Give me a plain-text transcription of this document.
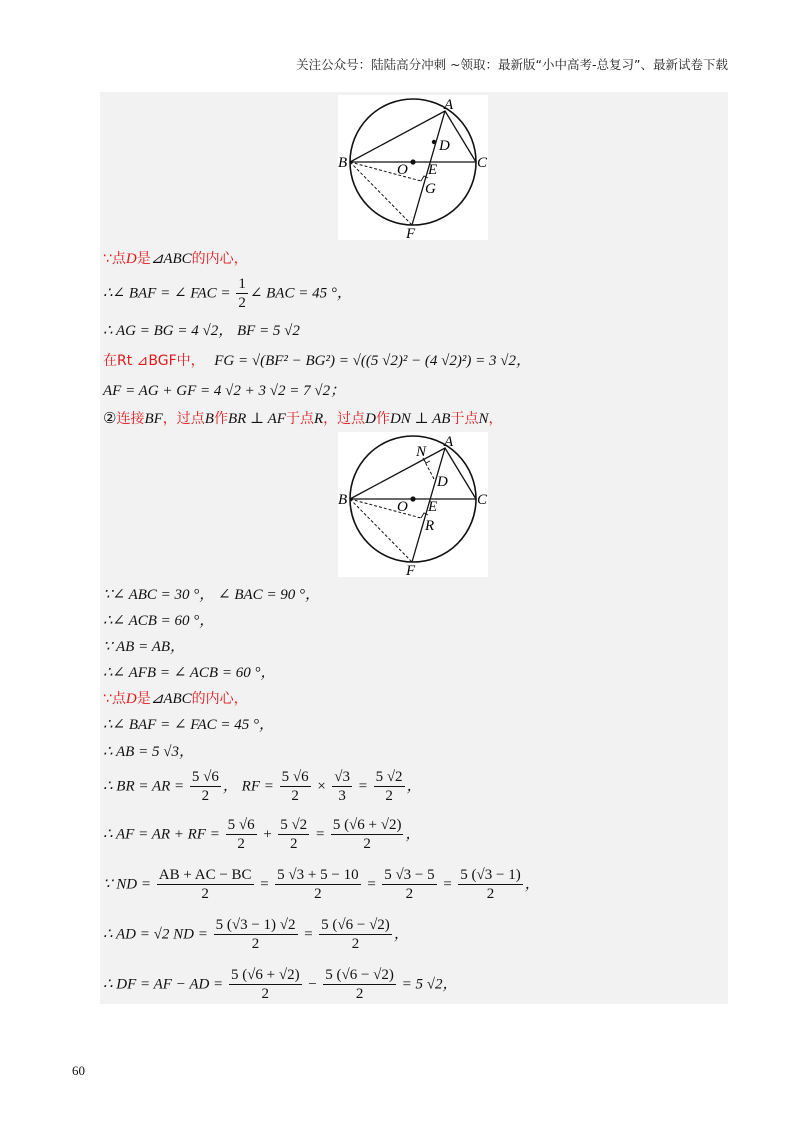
关注公众号：陆陆高分冲刺 ~领取：最新版“小中高考-总复习”、最新试卷下载
A
B	C
D
O E
G
F
∵点D是⊿ABC的内心，
∴∠ BAF = ∠ FAC = $\frac{1}{2}$ ∠ BAC = 45 °，
∴ AG = BG = 4 √2， BF = 5 √2
在Rt ⊿BGF中， FG = √(BF² − BG²) = √((5 √2)² − (4 √2)²) = 3 √2，
AF = AG + GF = 4 √2 + 3 √2 = 7 √2；
②连接BF，过点B作BR ⊥ AF于点R，过点D作DN ⊥ AB于点N，
A
N
B	C
D
O E
R
F
∵∠ ABC = 30 °， ∠ BAC = 90 °，
∴∠ ACB = 60 °，
∵ AB = AB，
∴∠ AFB = ∠ ACB = 60 °，
∵点D是⊿ABC的内心，
∴∠ BAF = ∠ FAC = 45 °，
∴ AB = 5 √3，
∴ BR = AR = $\frac{5 √6}{2}$ ， RF = $\frac{5 √6}{2} \times \frac{√3}{3} = \frac{5 √2}{2}$ ，
∴ AF = AR + RF = $\frac{5 √6}{2} + \frac{5 √2}{2} = \frac{5 (√6 + √2)}{2}$ ，
∵ ND = $\frac{AB + AC - BC}{2} = \frac{5 √3 + 5 - 10}{2} = \frac{5 √3 - 5}{2} = \frac{5 (√3 - 1)}{2}$ ，
∴ AD = √2 ND = $\frac{5 (√3 - 1) √2}{2} = \frac{5 (√6 - √2)}{2}$ ，
∴ DF = AF − AD = $\frac{5 (√6 + √2)}{2} - \frac{5 (√6 - √2)}{2} = 5$ √2，
60
